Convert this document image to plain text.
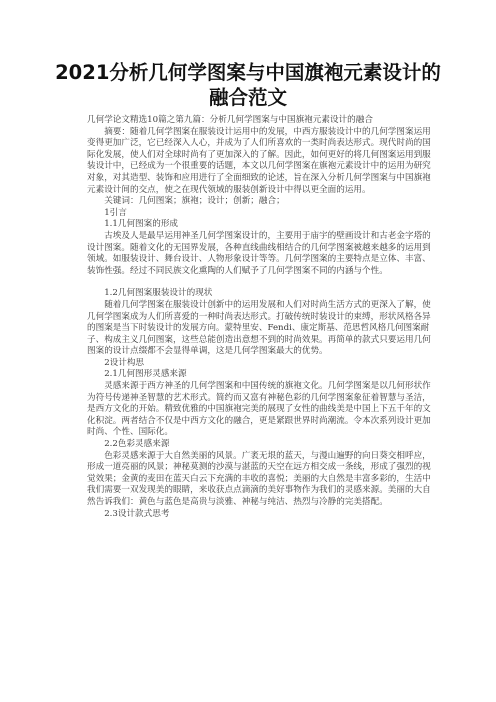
2021分析几何学图案与中国旗袍元素设计的融合范文

几何学论文精选10篇之第九篇：分析几何学图案与中国旗袍元素设计的融合

摘要：随着几何学图案在服装设计运用中的发展，中西方服装设计中的几何学图案运用变得更加广泛，它已经深入人心，并成为了人们所喜欢的一类时尚表达形式。现代时尚的国际化发展，使人们对全球时尚有了更加深入的了解。因此，如何更好的将几何图案运用到服装设计中，已经成为一个很重要的话题，本文以几何学图案在旗袍元素设计中的运用为研究对象，对其造型、装饰和应用进行了全面细致的论述，旨在深入分析几何学图案与中国旗袍元素设计间的交点，使之在现代领域的服装创新设计中得以更全面的运用。

关键词：几何图案；旗袍；设计；创新；融合；

1引言

1.1几何图案的形成

古埃及人是最早运用神圣几何学图案设计的，主要用于庙宇的壁画设计和古老金字塔的设计图案。随着文化的无国界发展，各种直线曲线相结合的几何学图案被越来越多的运用到领域。如服装设计、舞台设计、人物形象设计等等。几何学图案的主要特点是立体、丰富、装饰性强。经过不同民族文化熏陶的人们赋予了几何学图案不同的内涵与个性。

1.2几何图案服装设计的现状

随着几何学图案在服装设计创新中的运用发展和人们对时尚生活方式的更深入了解，使几何学图案成为人们所喜爱的一种时尚表达形式。打破传统时装设计的束缚，形状风格各异的图案是当下时装设计的发展方向。蒙特里安、Fendi、康定斯基、范思哲风格几何图案耐子、构成主义几何图案，这些总能创造出意想不到的时尚效果。再简单的款式只要运用几何图案的设计点缀都不会显得单调，这是几何学图案最大的优势。

2设计构思

2.1几何图形灵感来源

灵感来源于西方神圣的几何学图案和中国传统的旗袍文化。几何学图案是以几何形状作为符号传递神圣智慧的艺术形式。简约而又富有神秘色彩的几何学图案象征着智慧与圣洁，是西方文化的开始。精致优雅的中国旗袍完美的展现了女性的曲线美是中国上下五千年的文化积淀。两者结合不仅是中西方文化的融合，更是紧跟世界时尚潮流。令本次系列设计更加时尚、个性、国际化。

2.2色彩灵感来源

色彩灵感来源于大自然美丽的风景。广袤无垠的蓝天，与漫山遍野的向日葵交相呼应，形成一道亮丽的风景；神秘莫测的沙漠与湛蓝的天空在远方相交成一条线，形成了强烈的视觉效果；金黄的麦田在蓝天白云下充满的丰收的喜悦；美丽的大自然是丰富多彩的，生活中我们需要一双发现美的眼睛，来收获点点滴滴的美好事物作为我们的灵感来源。美丽的大自然告诉我们：黄色与蓝色是高贵与淡雅、神秘与纯洁、热烈与冷静的完美搭配。

2.3设计款式思考
